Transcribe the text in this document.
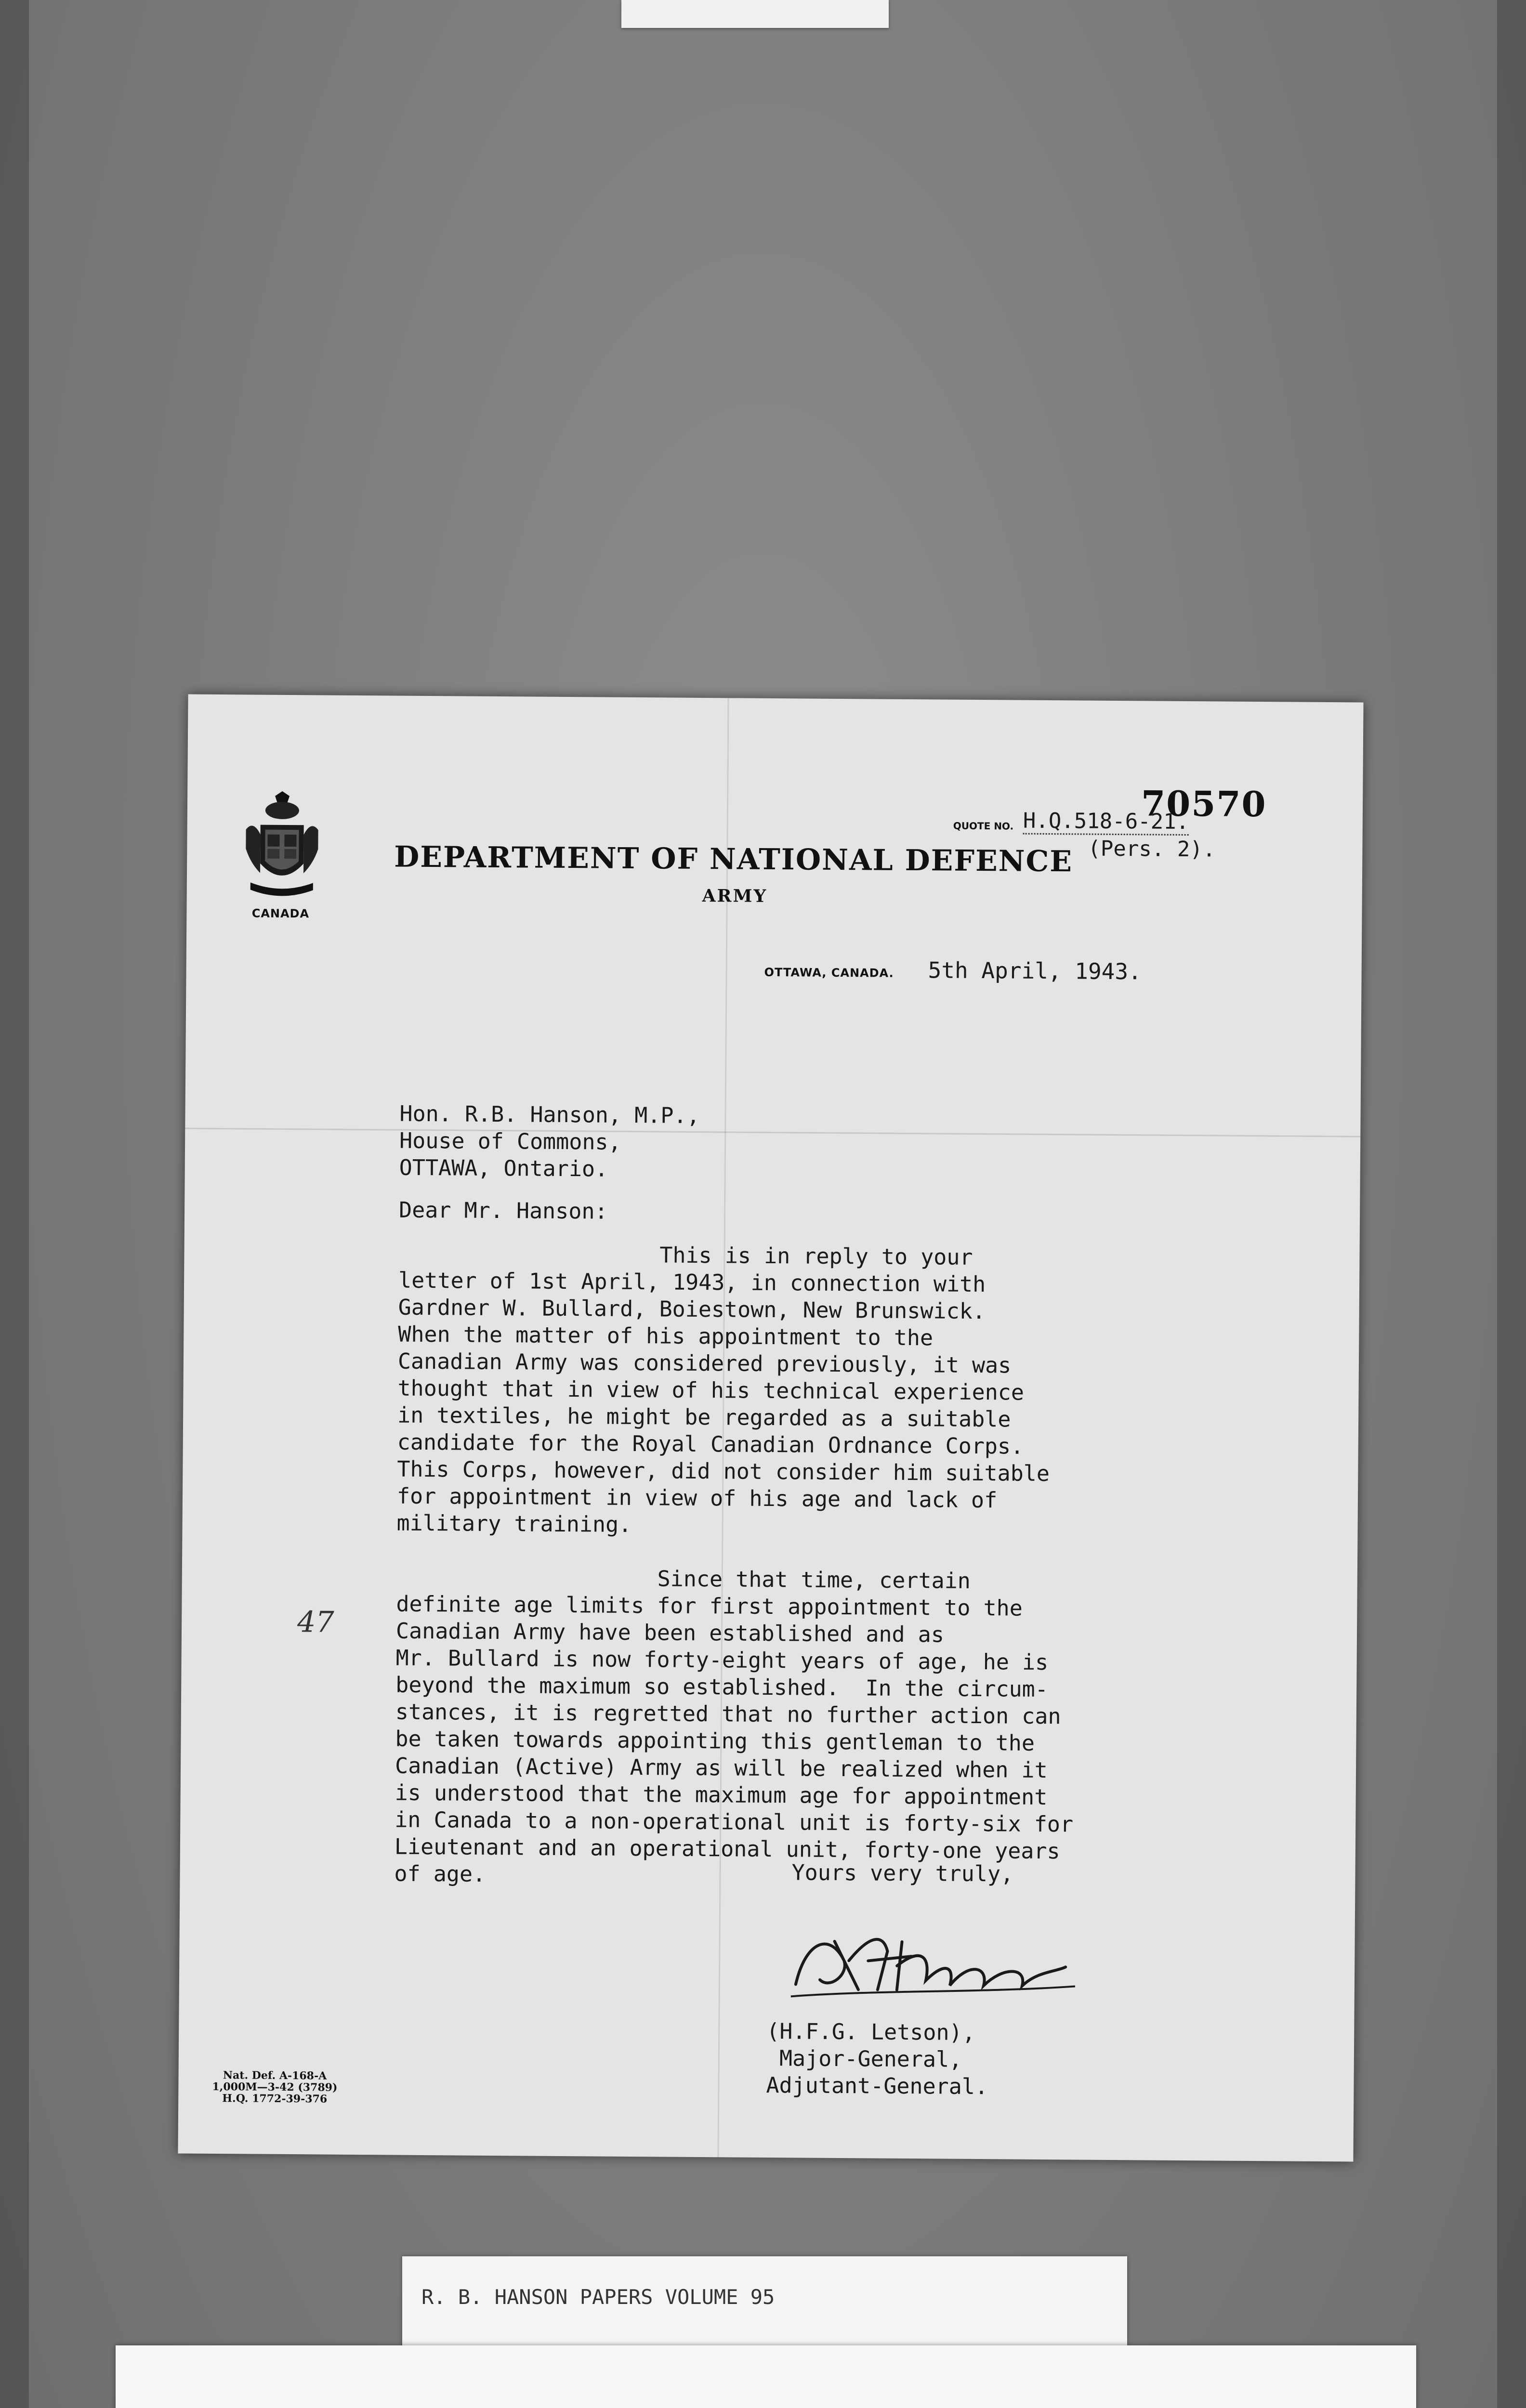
CANADA
70570
QUOTE NO. H.Q.518-6-21.
(Pers. 2).
DEPARTMENT OF NATIONAL DEFENCE
ARMY
OTTAWA, CANADA. 5th April, 1943.
Hon. R.B. Hanson, M.P.,
House of Commons,
OTTAWA, Ontario.
Dear Mr. Hanson:
This is in reply to your
letter of 1st April, 1943, in connection with
Gardner W. Bullard, Boiestown, New Brunswick.
When the matter of his appointment to the
Canadian Army was considered previously, it was
thought that in view of his technical experience
in textiles, he might be regarded as a suitable
candidate for the Royal Canadian Ordnance Corps.
This Corps, however, did not consider him suitable
for appointment in view of his age and lack of
military training.

Since that time, certain
definite age limits for first appointment to the
Canadian Army have been established and as
Mr. Bullard is now forty-eight years of age, he is
beyond the maximum so established.  In the circum-
stances, it is regretted that no further action can
be taken towards appointing this gentleman to the
Canadian (Active) Army as will be realized when it
is understood that the maximum age for appointment
in Canada to a non-operational unit is forty-six for
Lieutenant and an operational unit, forty-one years
of age.
47
Yours very truly,
(H.F.G. Letson),
Major-General,
Adjutant-General.
Nat. Def. A-168-A
1,000M—3-42 (3789)
H.Q. 1772-39-376
R. B. HANSON PAPERS VOLUME 95
